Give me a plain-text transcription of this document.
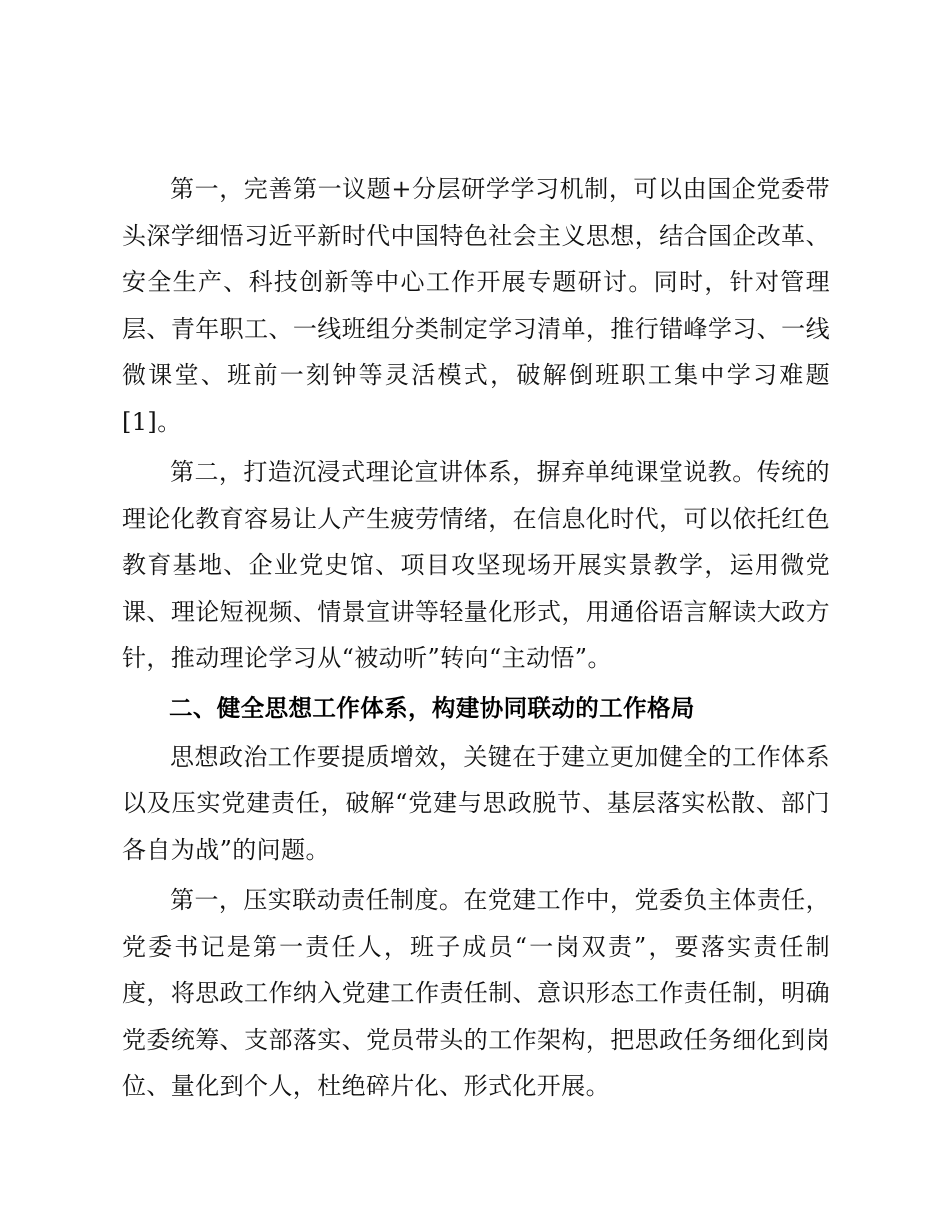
第一，完善第一议题+分层研学学习机制，可以由国企党委带头深学细悟习近平新时代中国特色社会主义思想，结合国企改革、安全生产、科技创新等中心工作开展专题研讨。同时，针对管理层、青年职工、一线班组分类制定学习清单，推行错峰学习、一线微课堂、班前一刻钟等灵活模式，破解倒班职工集中学习难题[1]。

第二，打造沉浸式理论宣讲体系，摒弃单纯课堂说教。传统的理论化教育容易让人产生疲劳情绪，在信息化时代，可以依托红色教育基地、企业党史馆、项目攻坚现场开展实景教学，运用微党课、理论短视频、情景宣讲等轻量化形式，用通俗语言解读大政方针，推动理论学习从“被动听”转向“主动悟”。

二、健全思想工作体系，构建协同联动的工作格局

思想政治工作要提质增效，关键在于建立更加健全的工作体系以及压实党建责任，破解“党建与思政脱节、基层落实松散、部门各自为战”的问题。

第一，压实联动责任制度。在党建工作中，党委负主体责任，党委书记是第一责任人，班子成员“一岗双责”，要落实责任制度，将思政工作纳入党建工作责任制、意识形态工作责任制，明确党委统筹、支部落实、党员带头的工作架构，把思政任务细化到岗位、量化到个人，杜绝碎片化、形式化开展。
